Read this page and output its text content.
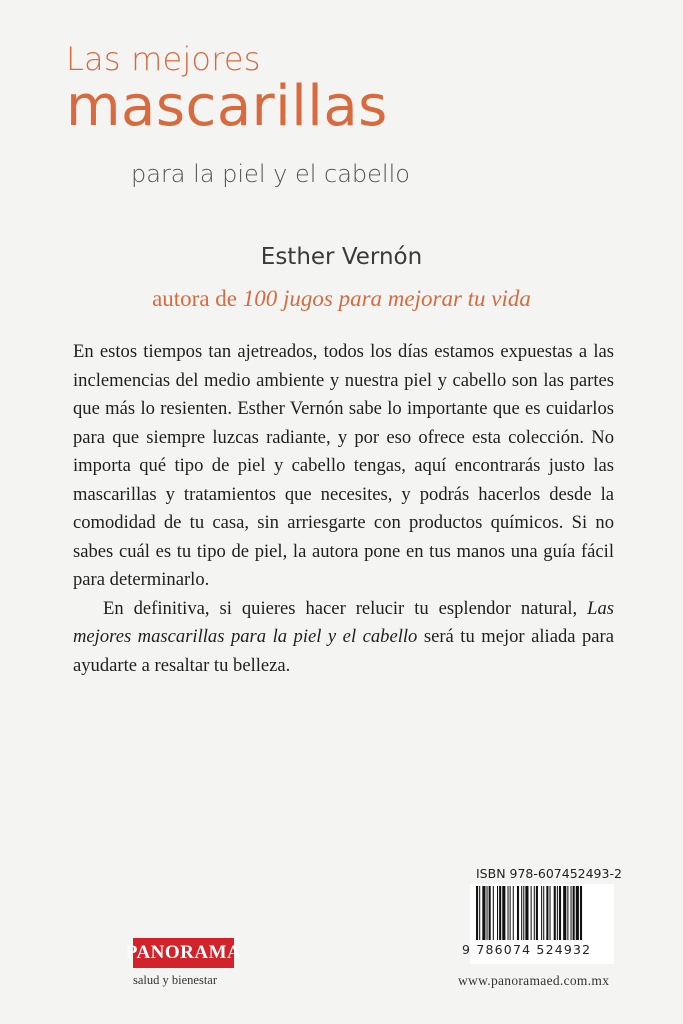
Las mejores
mascarillas
para la piel y el cabello
Esther Vernón
autora de 100 jugos para mejorar tu vida

En estos tiempos tan ajetreados, todos los días estamos expuestas a las inclemencias del medio ambiente y nuestra piel y cabello son las partes que más lo resienten. Esther Vernón sabe lo importante que es cuidarlos para que siempre luzcas radiante, y por eso ofrece esta colección. No importa qué tipo de piel y cabello tengas, aquí encontrarás justo las mascarillas y tratamientos que necesites, y podrás hacerlos desde la comodidad de tu casa, sin arriesgarte con productos químicos. Si no sabes cuál es tu tipo de piel, la autora pone en tus manos una guía fácil para determinarlo.

En definitiva, si quieres hacer relucir tu esplendor natural, Las mejores mascarillas para la piel y el cabello será tu mejor aliada para ayudarte a resaltar tu belleza.

ISBN 978-607452493-2
9 786074 524932
PANORAMA
salud y bienestar	www.panoramaed.com.mx
